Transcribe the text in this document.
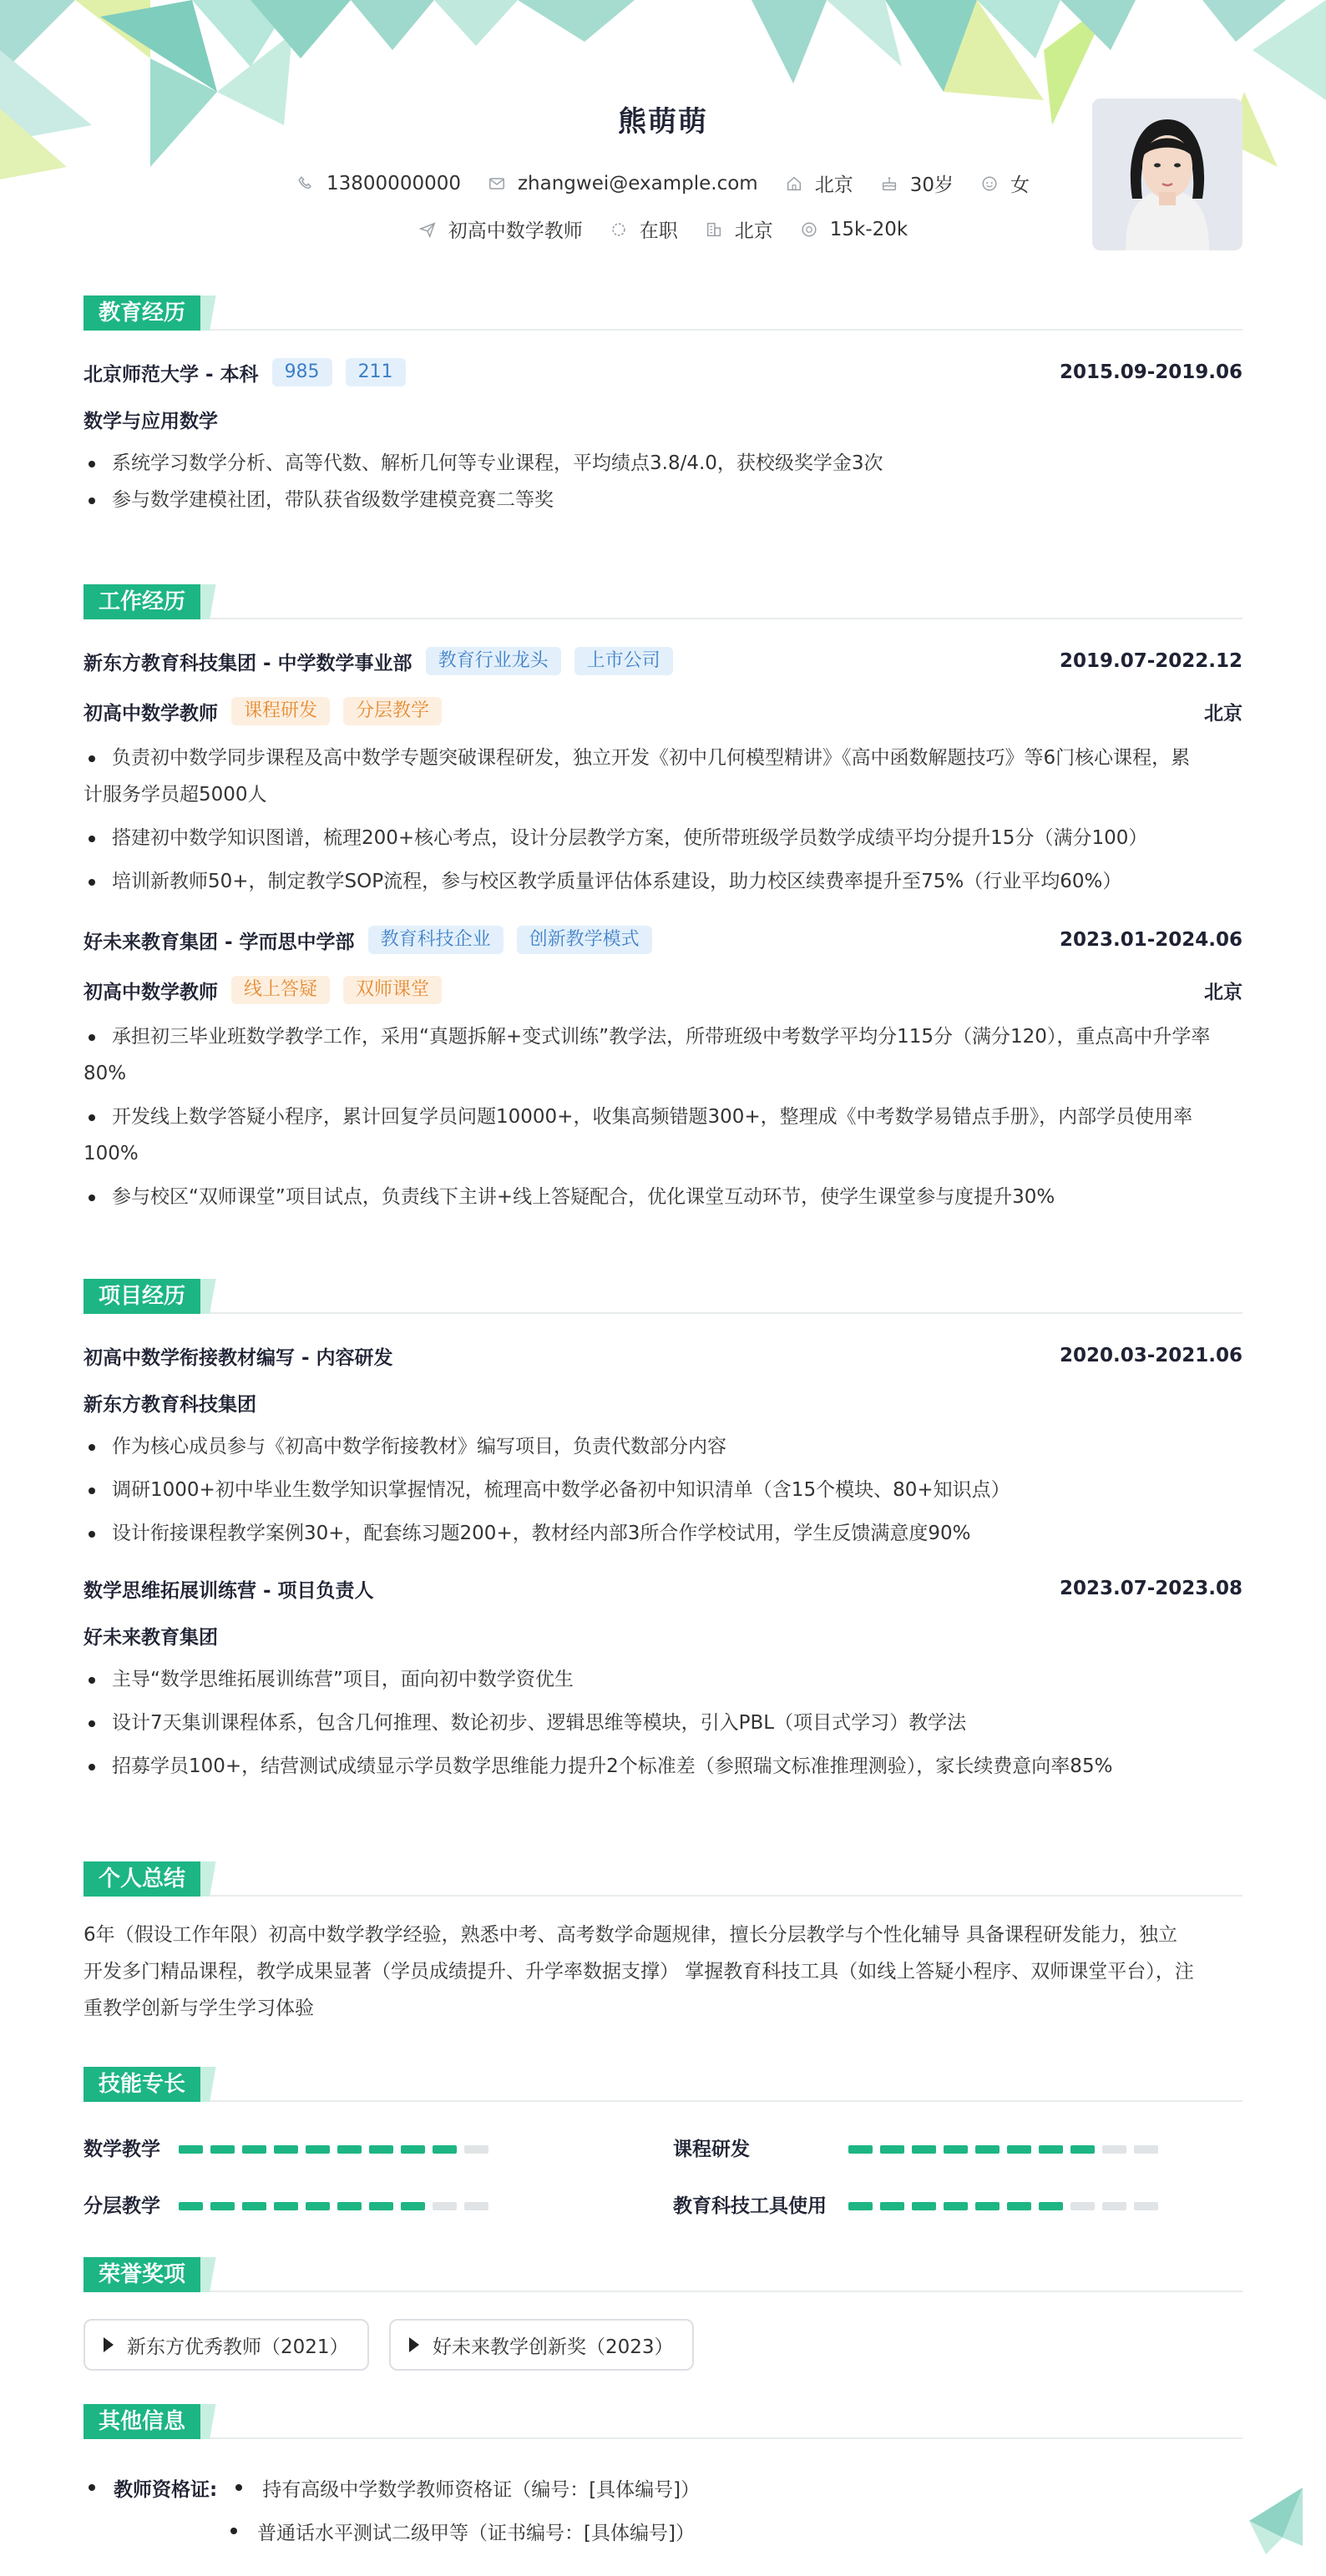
熊萌萌
13800000000	zhangwei@example.com	北京	30岁	女
初高中数学教师	在职	北京	15k-20k
教育经历
北京师范大学 - 本科	985	211	2015.09-2019.06
数学与应用数学
系统学习数学分析、高等代数、解析几何等专业课程，平均绩点3.8/4.0，获校级奖学金3次
参与数学建模社团，带队获省级数学建模竞赛二等奖
工作经历
新东方教育科技集团 - 中学数学事业部	教育行业龙头	上市公司	2019.07-2022.12
初高中数学教师	课程研发	分层教学	北京
负责初中数学同步课程及高中数学专题突破课程研发，独立开发《初中几何模型精讲》《高中函数解题技巧》等6门核心课程，累
计服务学员超5000人
搭建初中数学知识图谱，梳理200+核心考点，设计分层教学方案，使所带班级学员数学成绩平均分提升15分（满分100）
培训新教师50+，制定教学SOP流程，参与校区教学质量评估体系建设，助力校区续费率提升至75%（行业平均60%）
好未来教育集团 - 学而思中学部	教育科技企业	创新教学模式	2023.01-2024.06
初高中数学教师	线上答疑	双师课堂	北京
承担初三毕业班数学教学工作，采用“真题拆解+变式训练”教学法，所带班级中考数学平均分115分（满分120），重点高中升学率
80%
开发线上数学答疑小程序，累计回复学员问题10000+，收集高频错题300+，整理成《中考数学易错点手册》，内部学员使用率
100%
参与校区“双师课堂”项目试点，负责线下主讲+线上答疑配合，优化课堂互动环节，使学生课堂参与度提升30%
项目经历
初高中数学衔接教材编写 - 内容研发	2020.03-2021.06
新东方教育科技集团
作为核心成员参与《初高中数学衔接教材》编写项目，负责代数部分内容
调研1000+初中毕业生数学知识掌握情况，梳理高中数学必备初中知识清单（含15个模块、80+知识点）
设计衔接课程教学案例30+，配套练习题200+，教材经内部3所合作学校试用，学生反馈满意度90%
数学思维拓展训练营 - 项目负责人	2023.07-2023.08
好未来教育集团
主导“数学思维拓展训练营”项目，面向初中数学资优生
设计7天集训课程体系，包含几何推理、数论初步、逻辑思维等模块，引入PBL（项目式学习）教学法
招募学员100+，结营测试成绩显示学员数学思维能力提升2个标准差（参照瑞文标准推理测验），家长续费意向率85%
个人总结
6年（假设工作年限）初高中数学教学经验，熟悉中考、高考数学命题规律，擅长分层教学与个性化辅导 具备课程研发能力，独立
开发多门精品课程，教学成果显著（学员成绩提升、升学率数据支撑） 掌握教育科技工具（如线上答疑小程序、双师课堂平台），注
重教学创新与学生学习体验
技能专长
数学教学	课程研发
分层教学	教育科技工具使用
荣誉奖项
新东方优秀教师（2021）	好未来教学创新奖（2023）
其他信息
教师资格证: 持有高级中学数学教师资格证（编号：[具体编号]）
普通话水平测试二级甲等（证书编号：[具体编号]）
